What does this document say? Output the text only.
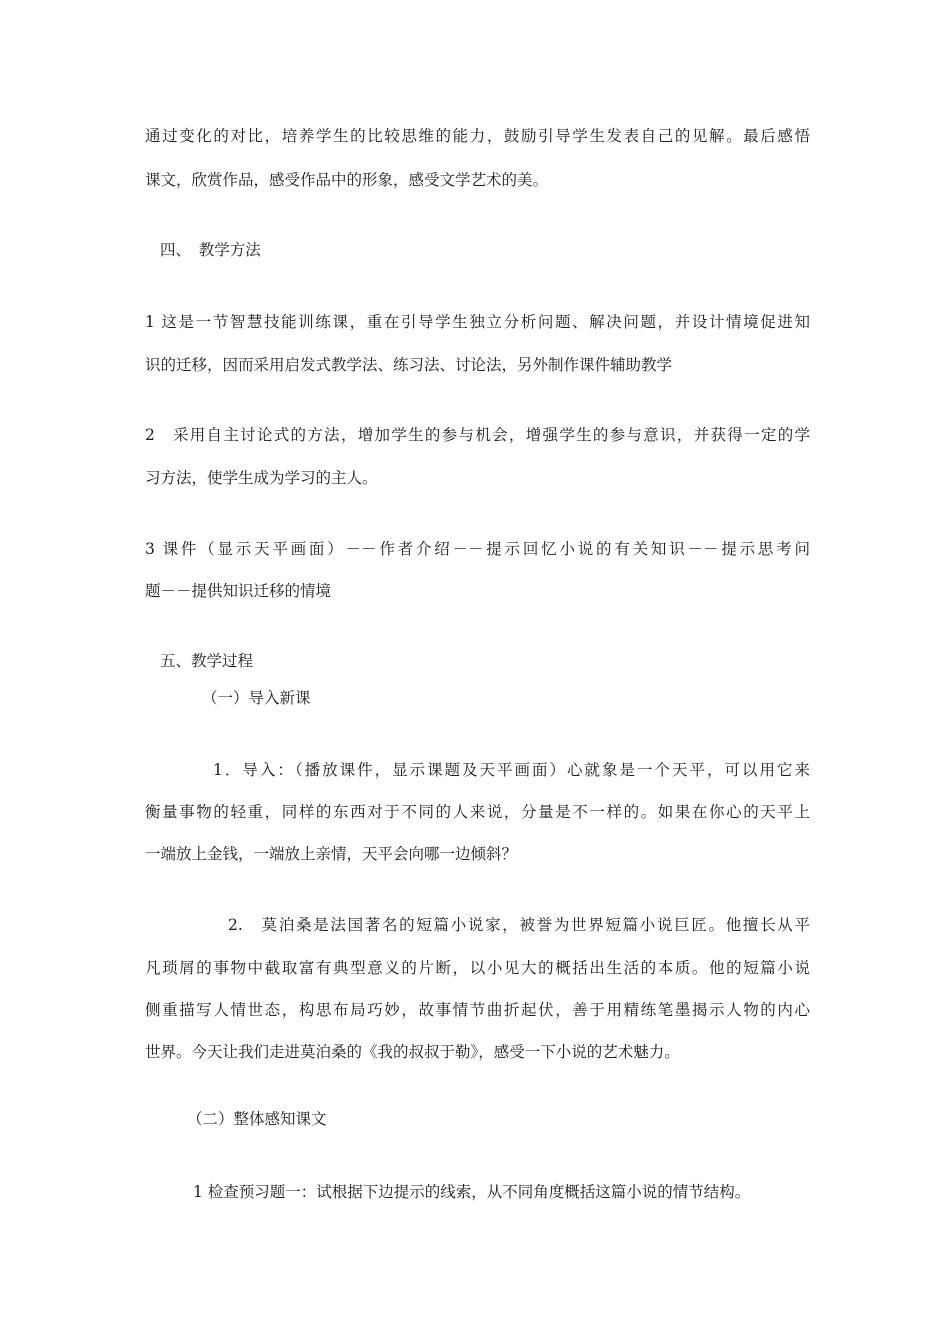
通过变化的对比，培养学生的比较思维的能力，鼓励引导学生发表自己的见解。最后感悟
课文，欣赏作品，感受作品中的形象，感受文学艺术的美。
四、　教学方法
1 这是一节智慧技能训练课，重在引导学生独立分析问题、解决问题，并设计情境促进知
识的迁移，因而采用启发式教学法、练习法、讨论法，另外制作课件辅助教学
2　采用自主讨论式的方法，增加学生的参与机会，增强学生的参与意识，并获得一定的学
习方法，使学生成为学习的主人。
3 课件（显示天平画面）－－作者介绍－－提示回忆小说的有关知识－－提示思考问
题－－提供知识迁移的情境
五、教学过程
（一）导入新课
1．导入：（播放课件，显示课题及天平画面）心就象是一个天平，可以用它来
衡量事物的轻重，同样的东西对于不同的人来说，分量是不一样的。如果在你心的天平上
一端放上金钱，一端放上亲情，天平会向哪一边倾斜？
2.　莫泊桑是法国著名的短篇小说家，被誉为世界短篇小说巨匠。他擅长从平
凡琐屑的事物中截取富有典型意义的片断，以小见大的概括出生活的本质。他的短篇小说
侧重描写人情世态，构思布局巧妙，故事情节曲折起伏，善于用精练笔墨揭示人物的内心
世界。今天让我们走进莫泊桑的《我的叔叔于勒》，感受一下小说的艺术魅力。
（二）整体感知课文
1 检查预习题一：试根据下边提示的线索，从不同角度概括这篇小说的情节结构。
